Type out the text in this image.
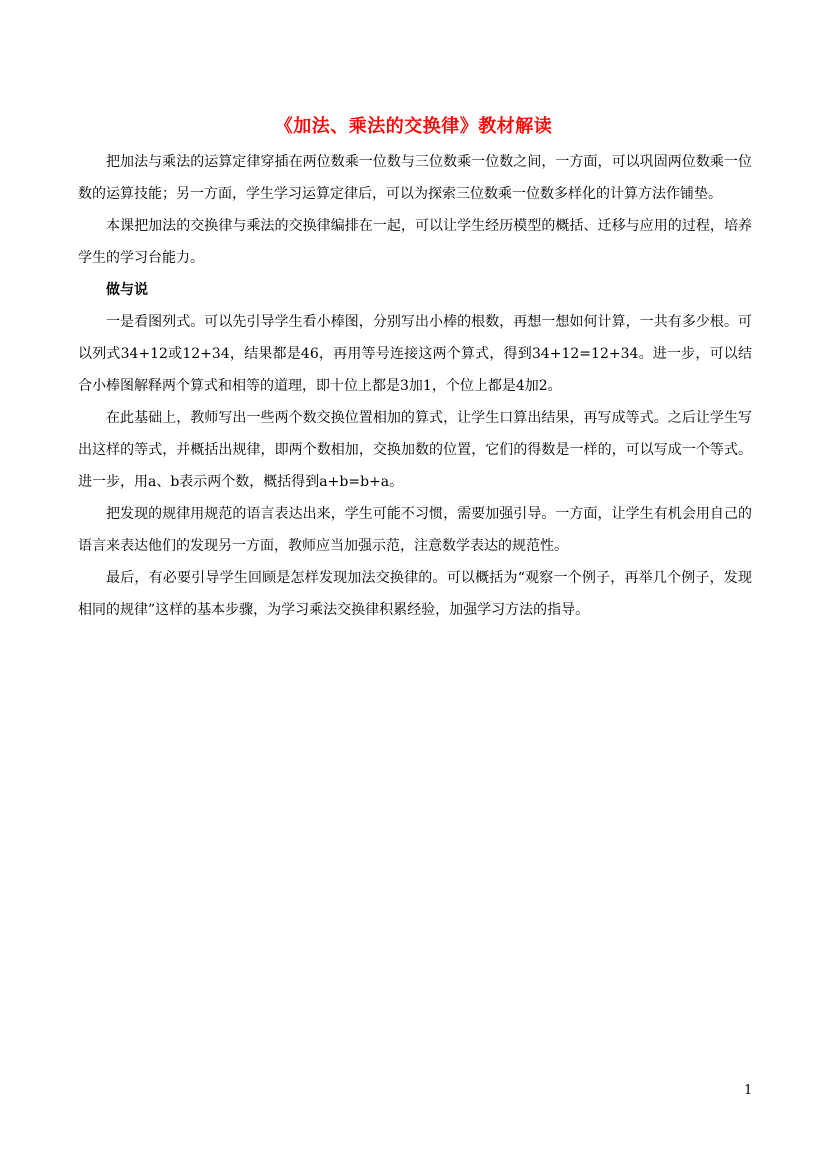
《加法、乘法的交换律》教材解读

把加法与乘法的运算定律穿插在两位数乘一位数与三位数乘一位数之间，一方面，可以巩固两位数乘一位数的运算技能；另一方面，学生学习运算定律后，可以为探索三位数乘一位数多样化的计算方法作铺垫。

本课把加法的交换律与乘法的交换律编排在一起，可以让学生经历模型的概括、迁移与应用的过程，培养学生的学习台能力。

做与说

一是看图列式。可以先引导学生看小棒图，分别写出小棒的根数，再想一想如何计算，一共有多少根。可以列式34+12或12+34，结果都是46，再用等号连接这两个算式，得到34+12=12+34。进一步，可以结合小棒图解释两个算式和相等的道理，即十位上都是3加1，个位上都是4加2。

在此基础上，教师写出一些两个数交换位置相加的算式，让学生口算出结果，再写成等式。之后让学生写出这样的等式，并概括出规律，即两个数相加，交换加数的位置，它们的得数是一样的，可以写成一个等式。进一步，用a、b表示两个数，概括得到a+b=b+a。

把发现的规律用规范的语言表达出来，学生可能不习惯，需要加强引导。一方面，让学生有机会用自己的语言来表达他们的发现另一方面，教师应当加强示范，注意数学表达的规范性。

最后，有必要引导学生回顾是怎样发现加法交换律的。可以概括为“观察一个例子，再举几个例子，发现相同的规律”这样的基本步骤，为学习乘法交换律积累经验，加强学习方法的指导。

1
